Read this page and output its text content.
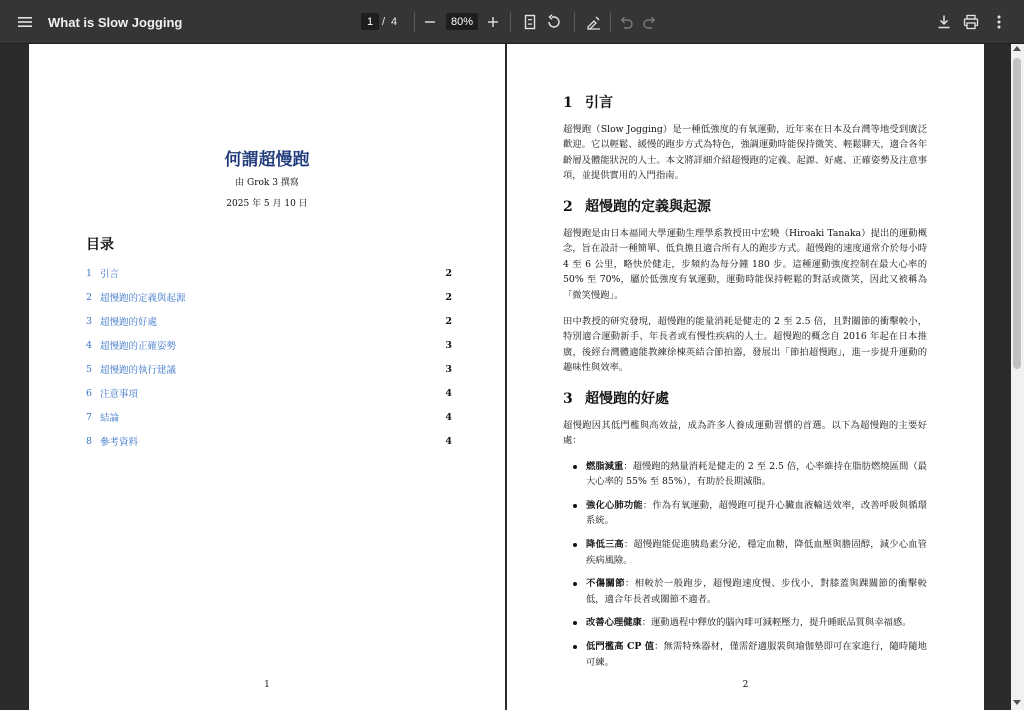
What is Slow Jogging	1 / 4	80%
何謂超慢跑
由 Grok 3 撰寫
2025 年 5 月 10 日
目录
1 引言	2
2 超慢跑的定義與起源	2
3 超慢跑的好處	2
4 超慢跑的正確姿勢	3
5 超慢跑的執行建議	3
6 注意事項	4
7 結論	4
8 參考資料	4
1
1 引言

超慢跑（Slow Jogging）是一種低強度的有氧運動，近年來在日本及台灣等地受到廣泛歡迎。它以輕鬆、緩慢的跑步方式為特色，強調運動時能保持微笑、輕鬆聊天，適合各年齡層及體能狀況的人士。本文將詳細介紹超慢跑的定義、起源、好處、正確姿勢及注意事項，並提供實用的入門指南。

2 超慢跑的定義與起源

超慢跑是由日本福岡大學運動生理學系教授田中宏曉（Hiroaki Tanaka）提出的運動概念，旨在設計一種簡單、低負擔且適合所有人的跑步方式。超慢跑的速度通常介於每小時 4 至 6 公里，略快於健走，步頻約為每分鐘 180 步。這種運動強度控制在最大心率的 50% 至 70%，屬於低強度有氧運動，運動時能保持輕鬆的對話或微笑，因此又被稱為「微笑慢跑」。

田中教授的研究發現，超慢跑的能量消耗是健走的 2 至 2.5 倍，且對關節的衝擊較小，特別適合運動新手、年長者或有慢性疾病的人士。超慢跑的概念自 2016 年起在日本推廣，後經台灣體適能教練徐棟英結合節拍器，發展出「節拍超慢跑」，進一步提升運動的趣味性與效率。

3 超慢跑的好處

超慢跑因其低門檻與高效益，成為許多人養成運動習慣的首選。以下為超慢跑的主要好處：

燃脂減重：超慢跑的熱量消耗是健走的 2 至 2.5 倍，心率維持在脂肪燃燒區間（最大心率的 55% 至 85%），有助於長期減脂。
強化心肺功能：作為有氧運動，超慢跑可提升心臟血液輸送效率，改善呼吸與循環系統。
降低三高：超慢跑能促進胰島素分泌，穩定血糖，降低血壓與膽固醇，減少心血管疾病風險。
不傷關節：相較於一般跑步，超慢跑速度慢、步伐小，對膝蓋與踝關節的衝擊較低，適合年長者或關節不適者。
改善心理健康：運動過程中釋放的腦內啡可減輕壓力，提升睡眠品質與幸福感。
低門檻高 CP 值：無需特殊器材，僅需舒適服裝與瑜伽墊即可在家進行，隨時隨地可練。
2
